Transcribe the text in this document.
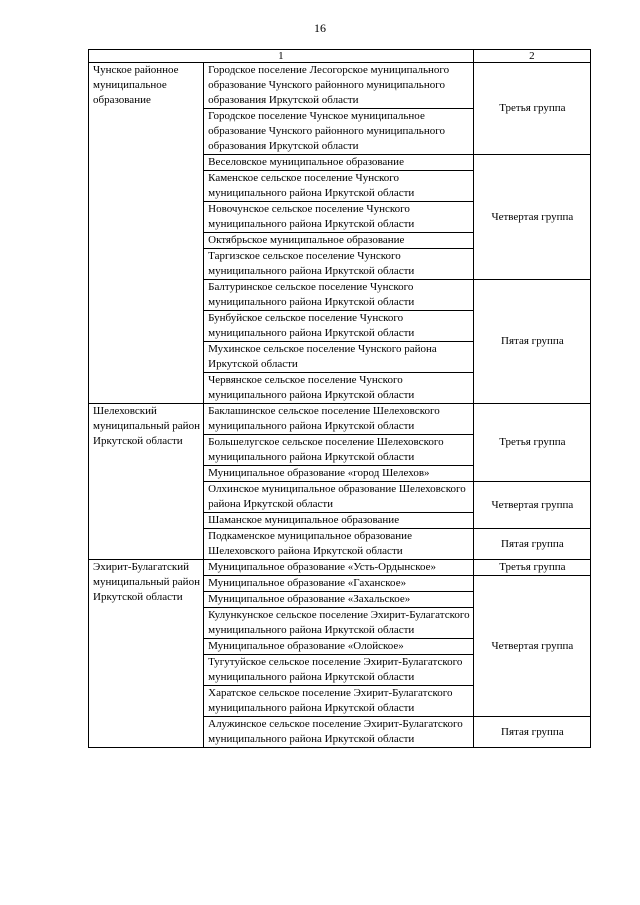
16
1		2
Чунское районное муниципальное образование	Городское поселение Лесогорское муниципального образование Чунского районного муниципального образования Иркутской области	Третья группа
	Городское поселение Чунское муниципальное образование Чунского районного муниципального образования Иркутской области	
	Веселовское муниципальное образование	Четвертая группа
	Каменское сельское поселение Чунского муниципального района Иркутской области	
	Новочунское сельское поселение Чунского муниципального района Иркутской области	
	Октябрьское муниципальное образование	
	Таргизское сельское поселение Чунского муниципального района Иркутской области	
	Балтуринское сельское поселение Чунского муниципального района Иркутской области	Пятая группа
	Бунбуйское сельское поселение Чунского муниципального района Иркутской области	
	Мухинское сельское поселение Чунского района Иркутской области	
	Червянское сельское поселение Чунского муниципального района Иркутской области	
Шелеховский муниципальный район Иркутской области	Баклашинское сельское поселение Шелеховского муниципального района Иркутской области	Третья группа
	Большелугское сельское поселение Шелеховского муниципального района Иркутской области	
	Муниципальное образование «город Шелехов»	
	Олхинское муниципальное образование Шелеховского района Иркутской области	Четвертая группа
	Шаманское муниципальное образование	
	Подкаменское муниципальное образование Шелеховского района Иркутской области	Пятая группа
Эхирит-Булагатский муниципальный район Иркутской области	Муниципальное образование «Усть-Ордынское»	Третья группа
	Муниципальное образование «Гаханское»	Четвертая группа
	Муниципальное образование «Захальское»	
	Кулункунское сельское поселение Эхирит-Булагатского муниципального района Иркутской области	
	Муниципальное образование «Олойское»	
	Тугутуйское сельское поселение Эхирит-Булагатского муниципального района Иркутской области	
	Харатское сельское поселение Эхирит-Булагатского муниципального района Иркутской области	
	Алужинское сельское поселение Эхирит-Булагатского муниципального района Иркутской области	Пятая группа
